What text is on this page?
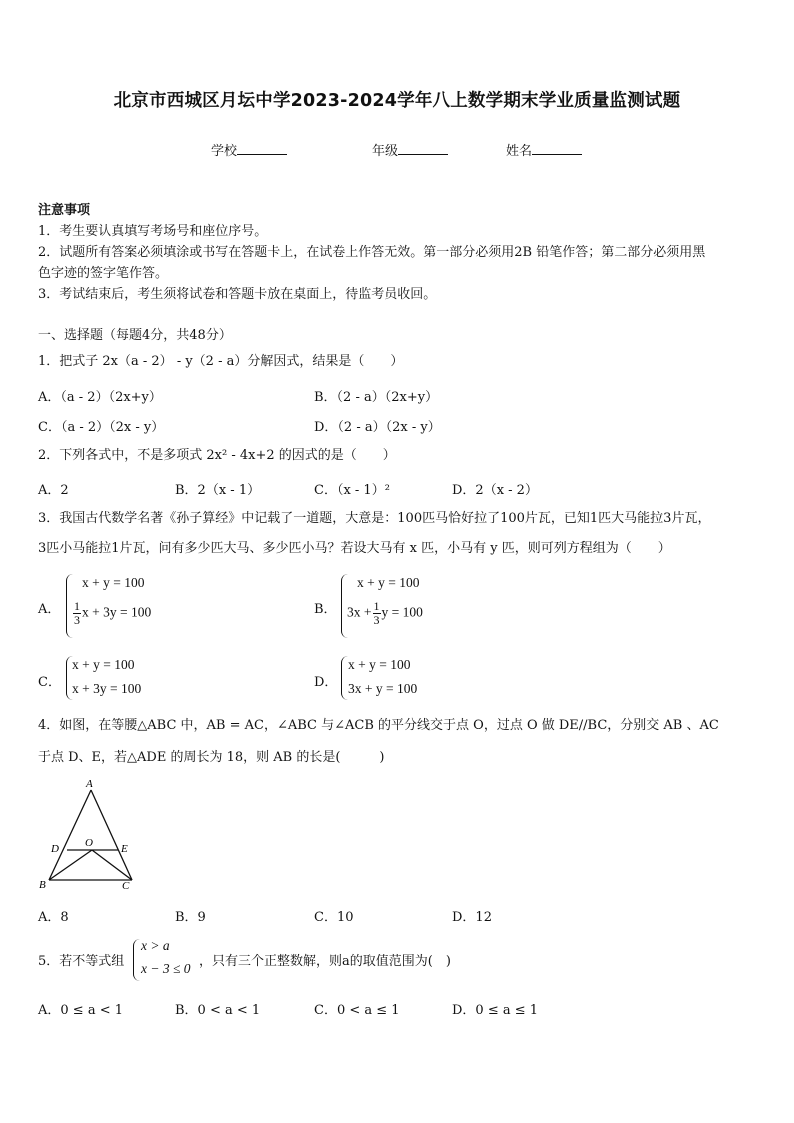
北京市西城区月坛中学2023-2024学年八上数学期末学业质量监测试题
学校	年级	姓名
注意事项
1．考生要认真填写考场号和座位序号。
2．试题所有答案必须填涂或书写在答题卡上，在试卷上作答无效。第一部分必须用2B 铅笔作答；第二部分必须用黑
色字迹的签字笔作答。
3．考试结束后，考生须将试卷和答题卡放在桌面上，待监考员收回。
一、选择题（每题4分，共48分）
1．把式子 2x（a - 2） - y（2 - a）分解因式，结果是（　　）
A．（a - 2）（2x+y）	B．（2 - a）（2x+y）
C．（a - 2）（2x - y）	D．（2 - a）（2x - y）
2．下列各式中，不是多项式 2x² - 4x+2 的因式的是（　　）
A．2	B．2（x - 1）	C．（x - 1）²	D．2（x - 2）
3．我国古代数学名著《孙子算经》中记载了一道题，大意是：100匹马恰好拉了100片瓦，已知1匹大马能拉3片瓦，
3匹小马能拉1片瓦，问有多少匹大马、多少匹小马？若设大马有 x 匹，小马有 y 匹，则可列方程组为（　　）
A．
x + y = 100
$\frac{1}{3}$ x + 3y = 100	B．
x + y = 100
$3x + \frac{1}{3}$ y = 100
C．
x + y = 100
x + 3y = 100	D．
x + y = 100
3x + y = 100
4．如图，在等腰△ABC 中，AB = AC，∠ABC 与∠ACB 的平分线交于点 O，过点 O 做 DE//BC，分别交 AB 、AC
于点 D、E，若△ADE 的周长为 18，则 AB 的长是(　　　)
A
D O	E
B	C
A．8	B．9	C．10	D．12
5．若不等式组
x > a
x − 3 ≤ 0 ，只有三个正整数解，则a的取值范围为(　)
A．0 ≤ a < 1	B．0 < a < 1	C．0 < a ≤ 1	D．0 ≤ a ≤ 1
